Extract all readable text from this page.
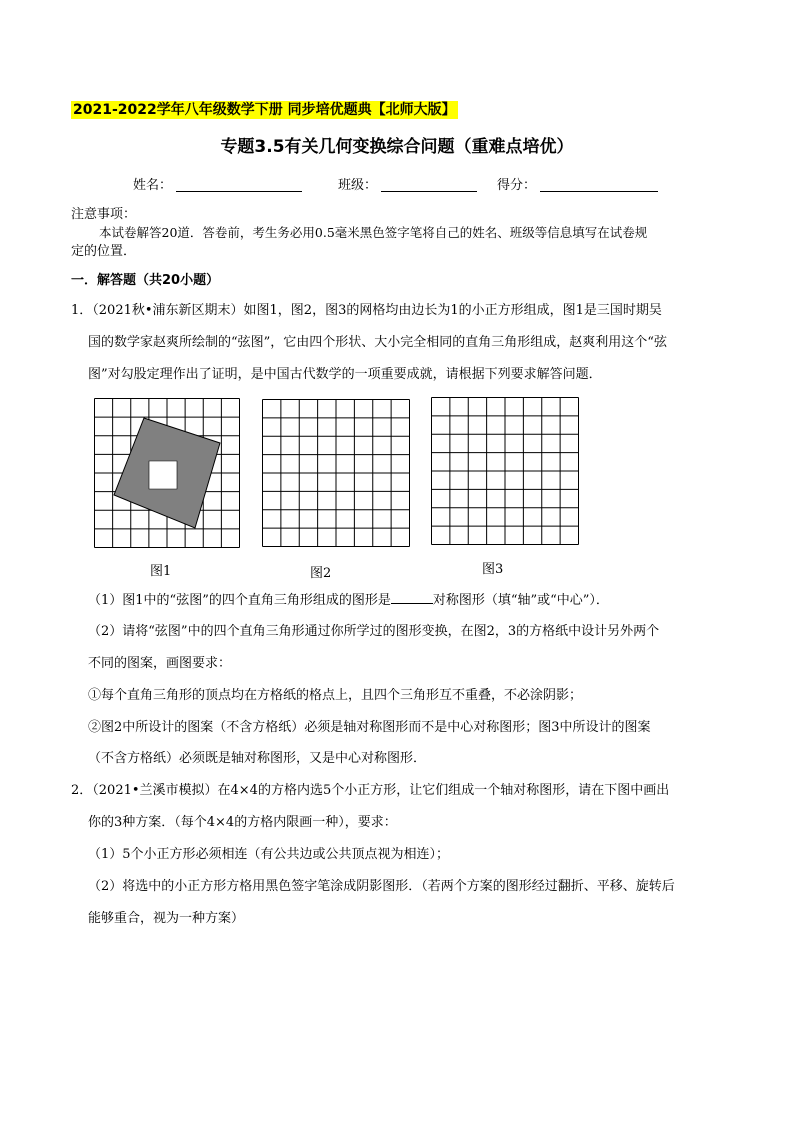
2021-2022学年八年级数学下册 同步培优题典【北师大版】
专题3.5有关几何变换综合问题（重难点培优）
姓名：	班级：	得分：
注意事项：
本试卷解答20道．答卷前，考生务必用0.5毫米黑色签字笔将自己的姓名、班级等信息填写在试卷规
定的位置．
一．解答题（共20小题）
1．（2021秋•浦东新区期末）如图1，图2，图3的网格均由边长为1的小正方形组成，图1是三国时期吴
国的数学家赵爽所绘制的“弦图”，它由四个形状、大小完全相同的直角三角形组成，赵爽利用这个“弦
图”对勾股定理作出了证明，是中国古代数学的一项重要成就，请根据下列要求解答问题．
图1	图2	图3
（1）图1中的“弦图”的四个直角三角形组成的图形是	对称图形（填“轴”或“中心”）．
（2）请将“弦图”中的四个直角三角形通过你所学过的图形变换，在图2，3的方格纸中设计另外两个
不同的图案，画图要求：
①每个直角三角形的顶点均在方格纸的格点上，且四个三角形互不重叠，不必涂阴影；
②图2中所设计的图案（不含方格纸）必须是轴对称图形而不是中心对称图形；图3中所设计的图案
（不含方格纸）必须既是轴对称图形，又是中心对称图形．
2．（2021•兰溪市模拟）在4×4的方格内选5个小正方形，让它们组成一个轴对称图形，请在下图中画出
你的3种方案．（每个4×4的方格内限画一种），要求：
（1）5个小正方形必须相连（有公共边或公共顶点视为相连）；
（2）将选中的小正方形方格用黑色签字笔涂成阴影图形．（若两个方案的图形经过翻折、平移、旋转后
能够重合，视为一种方案）
